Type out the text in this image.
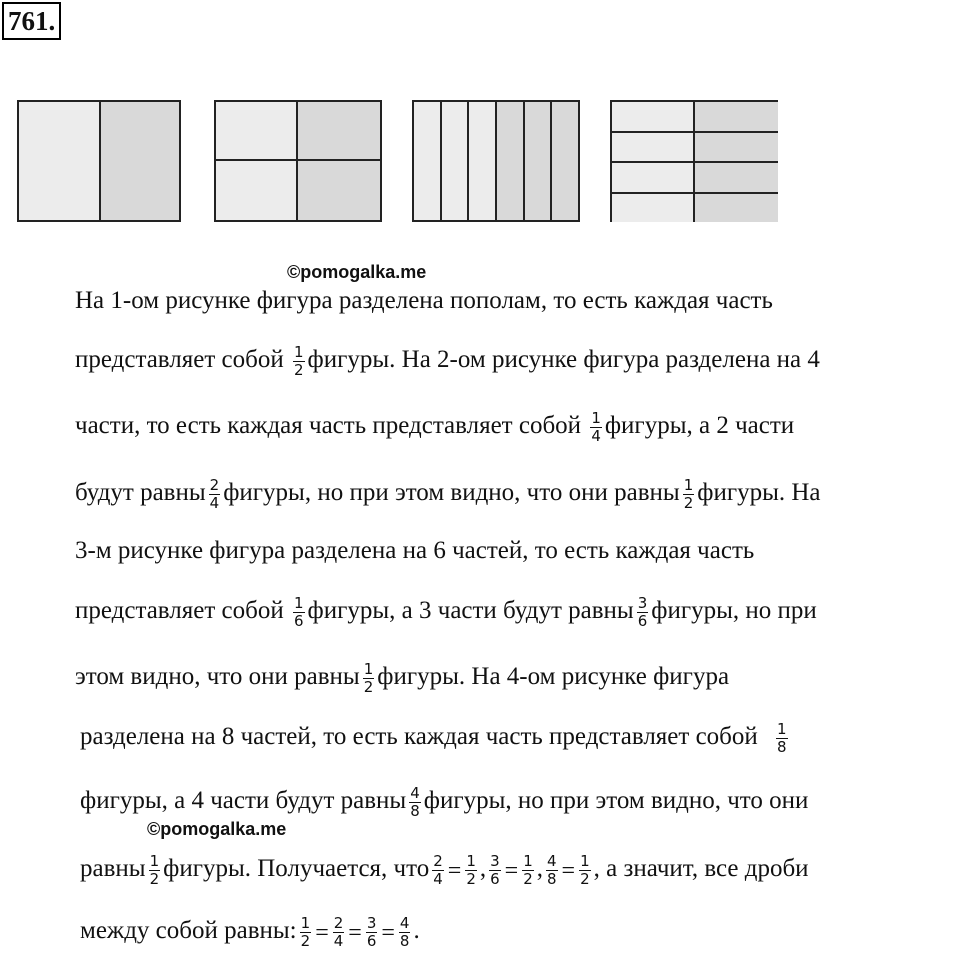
761.
©pomogalka.me
©pomogalka.me
На 1-ом рисунке фигура разделена пополам, то есть каждая часть
представляет собой $\frac{1}{2}$ фигуры. На 2-ом рисунке фигура разделена на 4
части, то есть каждая часть представляет собой $\frac{1}{4}$ фигуры, а 2 части
будут равны $\frac{2}{4}$ фигуры, но при этом видно, что они равны $\frac{1}{2}$ фигуры. На
3-м рисунке фигура разделена на 6 частей, то есть каждая часть
представляет собой $\frac{1}{6}$ фигуры, а 3 части будут равны $\frac{3}{6}$ фигуры, но при
этом видно, что они равны $\frac{1}{2}$ фигуры. На 4-ом рисунке фигура
разделена на 8 частей, то есть каждая часть представляет собой $\frac{1}{8}$
фигуры, а 4 части будут равны $\frac{4}{8}$ фигуры, но при этом видно, что они
равны $\frac{1}{2}$ фигуры. Получается, что $\frac{2}{4} = \frac{1}{2}$ , $\frac{3}{6} = \frac{1}{2}$ , $\frac{4}{8} = \frac{1}{2}$ , а значит, все дроби
между собой равны: $\frac{1}{2} = \frac{2}{4} = \frac{3}{6} = \frac{4}{8}$ .
